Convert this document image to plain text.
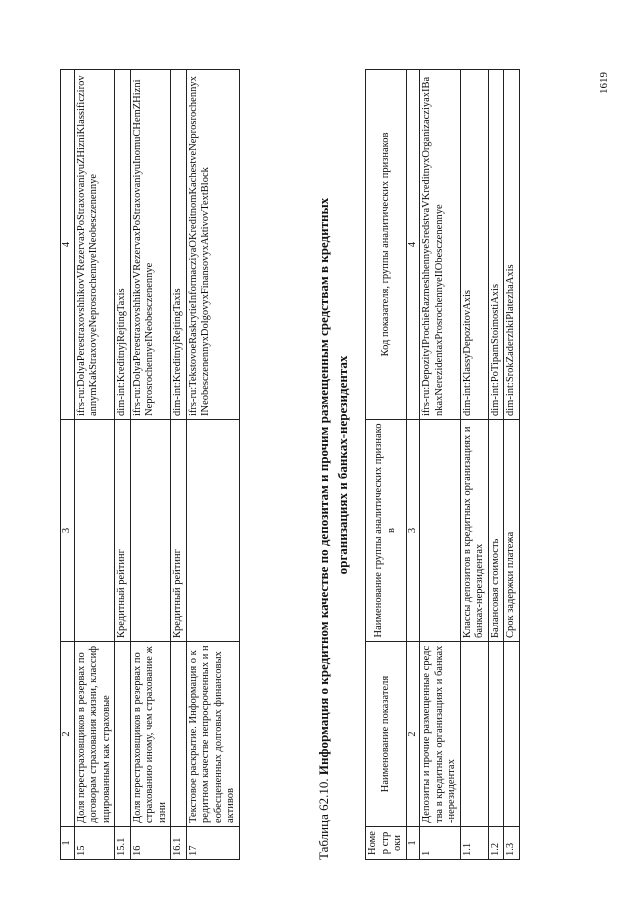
1	2	3	4
15	Доля перестраховщиков в резервах по договорам страхования жизни, классифицированным как страховые		ifrs-ru:DolyaPerestraxovshhikovVRezervaxPoStraxovaniyuZHizniKlassificzirovannymKakStraxovyeNeprosrochennyeINeobesczenennye
15.1		Кредитный рейтинг	dim-int:KreditnyjRejtingTaxis
16	Доля перестраховщиков в резервах по страхованию иному, чем страхование жизни		ifrs-ru:DolyaPerestraxovshhikovVRezervaxPoStraxovaniyuInomuCHemZHizniNeprosrochennyeINeobesczenennye
16.1		Кредитный рейтинг	dim-int:KreditnyjRejtingTaxis
17	Текстовое раскрытие. Информация о кредитном качестве непросроченных и необесцененных долговых финансовых активов		ifrs-ru:TekstovoeRaskrytieInformacziyaOKreditnomKachestveNeprosrochennyxINeobesczenennyxDolgovyxFinansovyxAktivovTextBlock
Таблица 62.10. Информация о кредитном качестве по депозитам и прочим размещенным средствам в кредитных организациях и банках-нерезидентах
Номер строки	Наименование показателя	Наименование группы аналитических признаков	Код показателя, группы аналитических признаков
1	2	3	4
1	Депозиты и прочие размещенные средства в кредитных организациях и банках-нерезидентах		ifrs-ru:DepozityIProchieRazmeshhennyeSredstvaVKreditnyxOrganizacziyaxIBankaxNerezidentaxProsrochennyeIIObesczenennye
1.1		Классы депозитов в кредитных организациях и банках-нерезидентах	dim-int:KlassyDepozitovAxis
1.2		Балансовая стоимость	dim-int:PoTipamStoimostiAxis
1.3		Срок задержки платежа	dim-int:SrokZaderzhkiPlatezhaAxis
1619
